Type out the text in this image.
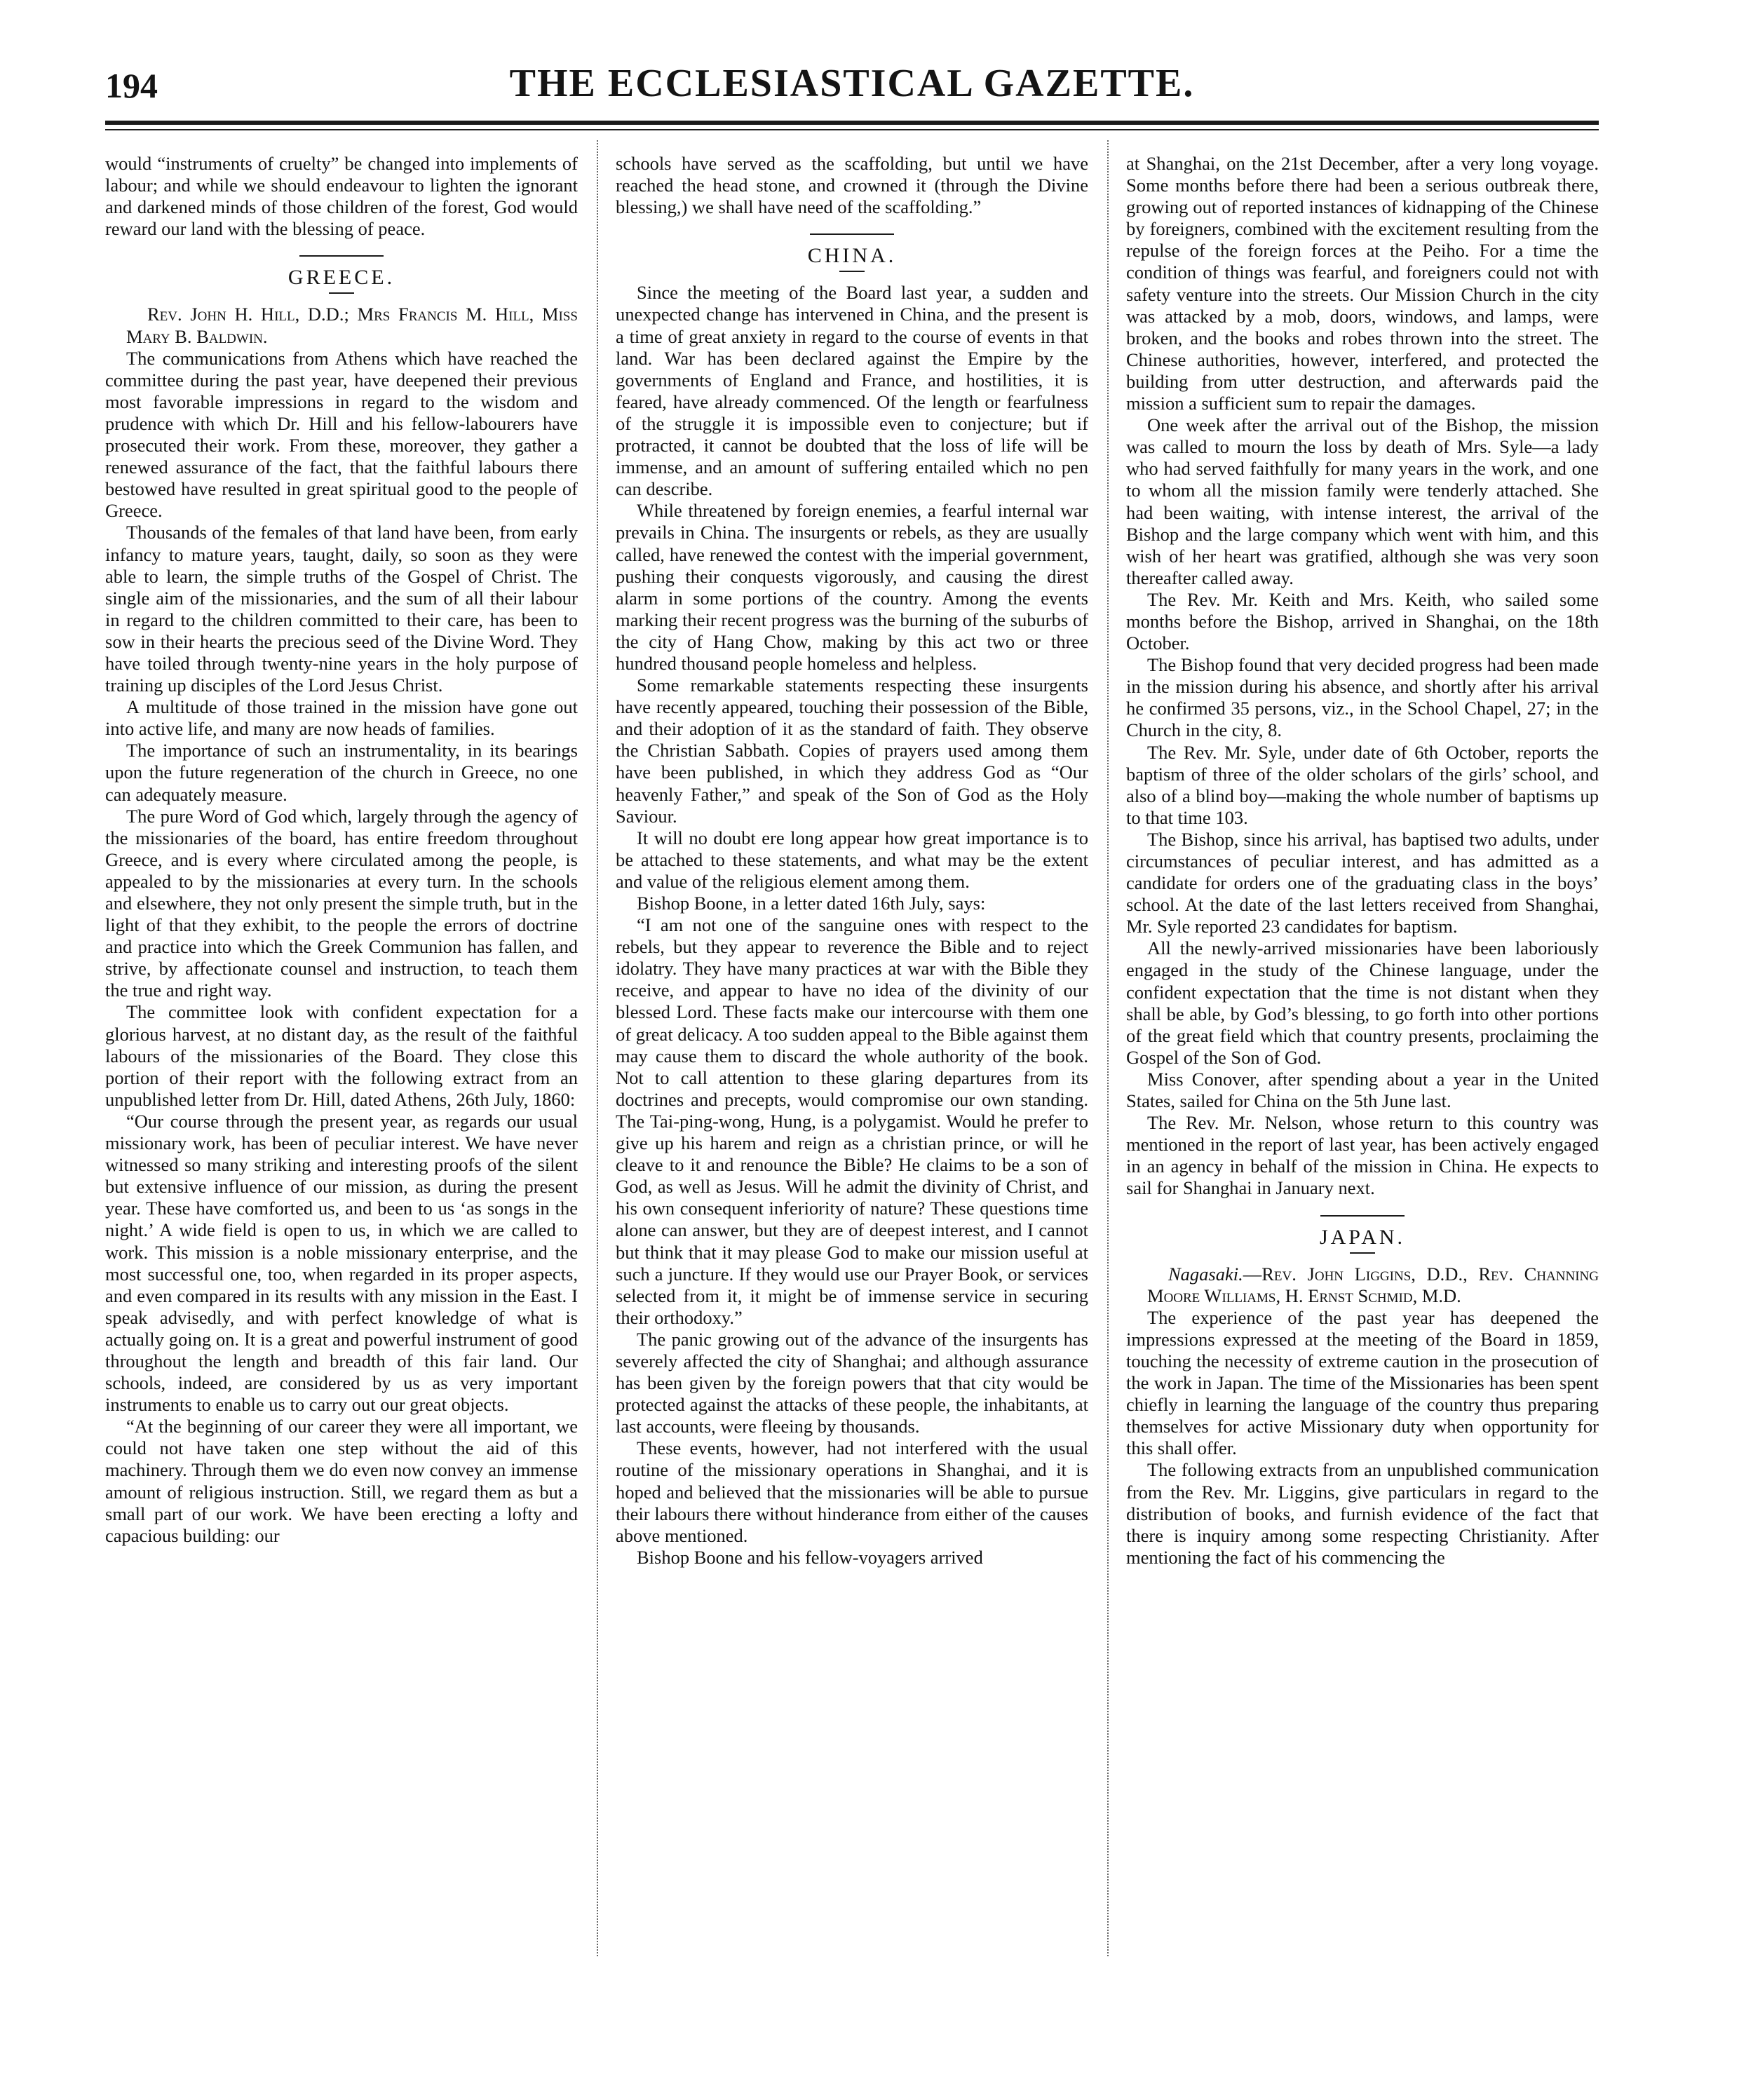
194	THE ECCLESIASTICAL GAZETTE.

would “instruments of cruelty” be changed into implements of labour; and while we should endeavour to lighten the ignorant and darkened minds of those children of the forest, God would reward our land with the blessing of peace.

GREECE.

Rev. John H. Hill, D.D.; Mrs Francis M. Hill, Miss Mary B. Baldwin.

The communications from Athens which have reached the committee during the past year, have deepened their previous most favorable impressions in regard to the wisdom and prudence with which Dr. Hill and his fellow-labourers have prosecuted their work. From these, moreover, they gather a renewed assurance of the fact, that the faithful labours there bestowed have resulted in great spiritual good to the people of Greece.

Thousands of the females of that land have been, from early infancy to mature years, taught, daily, so soon as they were able to learn, the simple truths of the Gospel of Christ. The single aim of the missionaries, and the sum of all their labour in regard to the children committed to their care, has been to sow in their hearts the precious seed of the Divine Word. They have toiled through twenty-nine years in the holy purpose of training up disciples of the Lord Jesus Christ.

A multitude of those trained in the mission have gone out into active life, and many are now heads of families.

The importance of such an instrumentality, in its bearings upon the future regeneration of the church in Greece, no one can adequately measure.

The pure Word of God which, largely through the agency of the missionaries of the board, has entire freedom throughout Greece, and is every where circulated among the people, is appealed to by the missionaries at every turn. In the schools and elsewhere, they not only present the simple truth, but in the light of that they exhibit, to the people the errors of doctrine and practice into which the Greek Communion has fallen, and strive, by affectionate counsel and instruction, to teach them the true and right way.

The committee look with confident expectation for a glorious harvest, at no distant day, as the result of the faithful labours of the missionaries of the Board. They close this portion of their report with the following extract from an unpublished letter from Dr. Hill, dated Athens, 26th July, 1860:

“Our course through the present year, as regards our usual missionary work, has been of peculiar interest. We have never witnessed so many striking and interesting proofs of the silent but extensive influence of our mission, as during the present year. These have comforted us, and been to us ‘as songs in the night.’ A wide field is open to us, in which we are called to work. This mission is a noble missionary enterprise, and the most successful one, too, when regarded in its proper aspects, and even compared in its results with any mission in the East. I speak advisedly, and with perfect knowledge of what is actually going on. It is a great and powerful instrument of good throughout the length and breadth of this fair land. Our schools, indeed, are considered by us as very important instruments to enable us to carry out our great objects.

“At the beginning of our career they were all important, we could not have taken one step without the aid of this machinery. Through them we do even now convey an immense amount of religious instruction. Still, we regard them as but a small part of our work. We have been erecting a lofty and capacious building: our

schools have served as the scaffolding, but until we have reached the head stone, and crowned it (through the Divine blessing,) we shall have need of the scaffolding.”

CHINA.

Since the meeting of the Board last year, a sudden and unexpected change has intervened in China, and the present is a time of great anxiety in regard to the course of events in that land. War has been declared against the Empire by the governments of England and France, and hostilities, it is feared, have already commenced. Of the length or fearfulness of the struggle it is impossible even to conjecture; but if protracted, it cannot be doubted that the loss of life will be immense, and an amount of suffering entailed which no pen can describe.

While threatened by foreign enemies, a fearful internal war prevails in China. The insurgents or rebels, as they are usually called, have renewed the contest with the imperial government, pushing their conquests vigorously, and causing the direst alarm in some portions of the country. Among the events marking their recent progress was the burning of the suburbs of the city of Hang Chow, making by this act two or three hundred thousand people homeless and helpless.

Some remarkable statements respecting these insurgents have recently appeared, touching their possession of the Bible, and their adoption of it as the standard of faith. They observe the Christian Sabbath. Copies of prayers used among them have been published, in which they address God as “Our heavenly Father,” and speak of the Son of God as the Holy Saviour.

It will no doubt ere long appear how great importance is to be attached to these statements, and what may be the extent and value of the religious element among them.

Bishop Boone, in a letter dated 16th July, says:

“I am not one of the sanguine ones with respect to the rebels, but they appear to reverence the Bible and to reject idolatry. They have many practices at war with the Bible they receive, and appear to have no idea of the divinity of our blessed Lord. These facts make our intercourse with them one of great delicacy. A too sudden appeal to the Bible against them may cause them to discard the whole authority of the book. Not to call attention to these glaring departures from its doctrines and precepts, would compromise our own standing. The Tai-ping-wong, Hung, is a polygamist. Would he prefer to give up his harem and reign as a christian prince, or will he cleave to it and renounce the Bible? He claims to be a son of God, as well as Jesus. Will he admit the divinity of Christ, and his own consequent inferiority of nature? These questions time alone can answer, but they are of deepest interest, and I cannot but think that it may please God to make our mission useful at such a juncture. If they would use our Prayer Book, or services selected from it, it might be of immense service in securing their orthodoxy.”

The panic growing out of the advance of the insurgents has severely affected the city of Shanghai; and although assurance has been given by the foreign powers that that city would be protected against the attacks of these people, the inhabitants, at last accounts, were fleeing by thousands.

These events, however, had not interfered with the usual routine of the missionary operations in Shanghai, and it is hoped and believed that the missionaries will be able to pursue their labours there without hinderance from either of the causes above mentioned.

Bishop Boone and his fellow-voyagers arrived

at Shanghai, on the 21st December, after a very long voyage. Some months before there had been a serious outbreak there, growing out of reported instances of kidnapping of the Chinese by foreigners, combined with the excitement resulting from the repulse of the foreign forces at the Peiho. For a time the condition of things was fearful, and foreigners could not with safety venture into the streets. Our Mission Church in the city was attacked by a mob, doors, windows, and lamps, were broken, and the books and robes thrown into the street. The Chinese authorities, however, interfered, and protected the building from utter destruction, and afterwards paid the mission a sufficient sum to repair the damages.

One week after the arrival out of the Bishop, the mission was called to mourn the loss by death of Mrs. Syle—a lady who had served faithfully for many years in the work, and one to whom all the mission family were tenderly attached. She had been waiting, with intense interest, the arrival of the Bishop and the large company which went with him, and this wish of her heart was gratified, although she was very soon thereafter called away.

The Rev. Mr. Keith and Mrs. Keith, who sailed some months before the Bishop, arrived in Shanghai, on the 18th October.

The Bishop found that very decided progress had been made in the mission during his absence, and shortly after his arrival he confirmed 35 persons, viz., in the School Chapel, 27; in the Church in the city, 8.

The Rev. Mr. Syle, under date of 6th October, reports the baptism of three of the older scholars of the girls’ school, and also of a blind boy—making the whole number of baptisms up to that time 103.

The Bishop, since his arrival, has baptised two adults, under circumstances of peculiar interest, and has admitted as a candidate for orders one of the graduating class in the boys’ school. At the date of the last letters received from Shanghai, Mr. Syle reported 23 candidates for baptism.

All the newly-arrived missionaries have been laboriously engaged in the study of the Chinese language, under the confident expectation that the time is not distant when they shall be able, by God’s blessing, to go forth into other portions of the great field which that country presents, proclaiming the Gospel of the Son of God.

Miss Conover, after spending about a year in the United States, sailed for China on the 5th June last.

The Rev. Mr. Nelson, whose return to this country was mentioned in the report of last year, has been actively engaged in an agency in behalf of the mission in China. He expects to sail for Shanghai in January next.

JAPAN.

Nagasaki.—Rev. John Liggins, D.D., Rev. Channing Moore Williams, H. Ernst Schmid, M.D.

The experience of the past year has deepened the impressions expressed at the meeting of the Board in 1859, touching the necessity of extreme caution in the prosecution of the work in Japan. The time of the Missionaries has been spent chiefly in learning the language of the country thus preparing themselves for active Missionary duty when opportunity for this shall offer.

The following extracts from an unpublished communication from the Rev. Mr. Liggins, give particulars in regard to the distribution of books, and furnish evidence of the fact that there is inquiry among some respecting Christianity. After mentioning the fact of his commencing the
